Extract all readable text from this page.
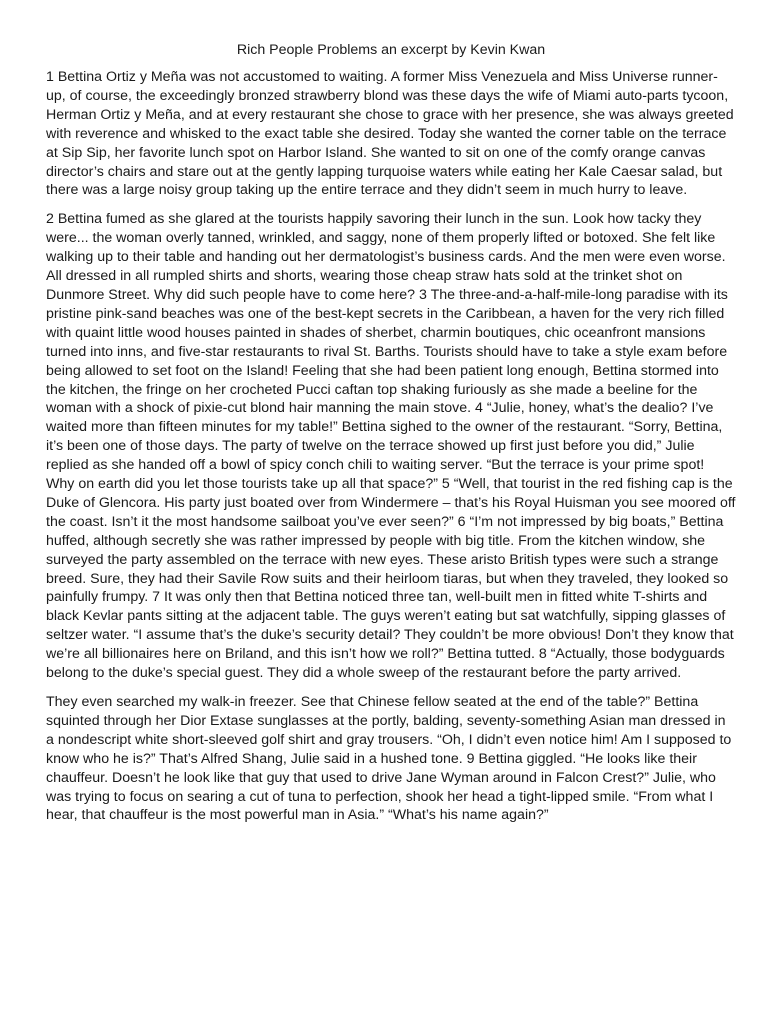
Rich People Problems an excerpt by Kevin Kwan

1 Bettina Ortiz y Meña was not accustomed to waiting. A former Miss Venezuela and Miss Universe runner-up, of course, the exceedingly bronzed strawberry blond was these days the wife of Miami auto-parts tycoon, Herman Ortiz y Meña, and at every restaurant she chose to grace with her presence, she was always greeted with reverence and whisked to the exact table she desired. Today she wanted the corner table on the terrace at Sip Sip, her favorite lunch spot on Harbor Island. She wanted to sit on one of the comfy orange canvas director’s chairs and stare out at the gently lapping turquoise waters while eating her Kale Caesar salad, but there was a large noisy group taking up the entire terrace and they didn’t seem in much hurry to leave.

2 Bettina fumed as she glared at the tourists happily savoring their lunch in the sun. Look how tacky they were... the woman overly tanned, wrinkled, and saggy, none of them properly lifted or botoxed. She felt like walking up to their table and handing out her dermatologist’s business cards. And the men were even worse. All dressed in all rumpled shirts and shorts, wearing those cheap straw hats sold at the trinket shot on Dunmore Street. Why did such people have to come here? 3 The three-and-a-half-mile-long paradise with its pristine pink-sand beaches was one of the best-kept secrets in the Caribbean, a haven for the very rich filled with quaint little wood houses painted in shades of sherbet, charmin boutiques, chic oceanfront mansions turned into inns, and five-star restaurants to rival St. Barths. Tourists should have to take a style exam before being allowed to set foot on the Island! Feeling that she had been patient long enough, Bettina stormed into the kitchen, the fringe on her crocheted Pucci caftan top shaking furiously as she made a beeline for the woman with a shock of pixie-cut blond hair manning the main stove. 4 “Julie, honey, what’s the dealio? I’ve waited more than fifteen minutes for my table!” Bettina sighed to the owner of the restaurant. “Sorry, Bettina, it’s been one of those days. The party of twelve on the terrace showed up first just before you did,” Julie replied as she handed off a bowl of spicy conch chili to waiting server. “But the terrace is your prime spot! Why on earth did you let those tourists take up all that space?” 5 “Well, that tourist in the red fishing cap is the Duke of Glencora. His party just boated over from Windermere – that’s his Royal Huisman you see moored off the coast. Isn’t it the most handsome sailboat you’ve ever seen?” 6 “I’m not impressed by big boats,” Bettina huffed, although secretly she was rather impressed by people with big title. From the kitchen window, she surveyed the party assembled on the terrace with new eyes. These aristo British types were such a strange breed. Sure, they had their Savile Row suits and their heirloom tiaras, but when they traveled, they looked so painfully frumpy. 7 It was only then that Bettina noticed three tan, well-built men in fitted white T-shirts and black Kevlar pants sitting at the adjacent table. The guys weren’t eating but sat watchfully, sipping glasses of seltzer water. “I assume that’s the duke’s security detail? They couldn’t be more obvious! Don’t they know that we’re all billionaires here on Briland, and this isn’t how we roll?” Bettina tutted. 8 “Actually, those bodyguards belong to the duke’s special guest. They did a whole sweep of the restaurant before the party arrived.

They even searched my walk-in freezer. See that Chinese fellow seated at the end of the table?” Bettina squinted through her Dior Extase sunglasses at the portly, balding, seventy-something Asian man dressed in a nondescript white short-sleeved golf shirt and gray trousers. “Oh, I didn’t even notice him! Am I supposed to know who he is?” That’s Alfred Shang, Julie said in a hushed tone. 9 Bettina giggled. “He looks like their chauffeur. Doesn’t he look like that guy that used to drive Jane Wyman around in Falcon Crest?” Julie, who was trying to focus on searing a cut of tuna to perfection, shook her head a tight-lipped smile. “From what I hear, that chauffeur is the most powerful man in Asia.” “What’s his name again?”
